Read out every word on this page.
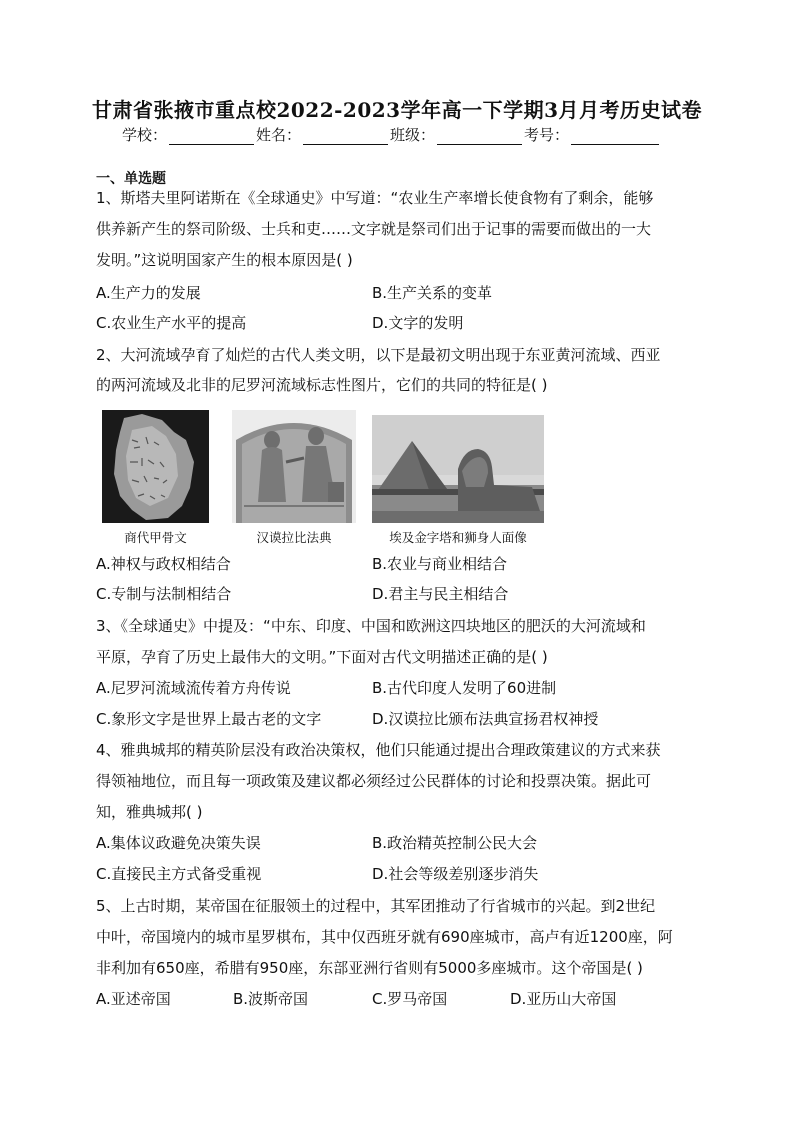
甘肃省张掖市重点校2022-2023学年高一下学期3月月考历史试卷
学校：	姓名：	班级：	考号：
一、单选题
1、斯塔夫里阿诺斯在《全球通史》中写道：“农业生产率增长使食物有了剩余，能够
供养新产生的祭司阶级、士兵和吏……文字就是祭司们出于记事的需要而做出的一大
发明。”这说明国家产生的根本原因是( )
A.生产力的发展	B.生产关系的变革
C.农业生产水平的提高	D.文字的发明
2、大河流域孕育了灿烂的古代人类文明，以下是最初文明出现于东亚黄河流域、西亚
的两河流域及北非的尼罗河流域标志性图片，它们的共同的特征是( )
商代甲骨文	汉谟拉比法典	埃及金字塔和狮身人面像
A.神权与政权相结合	B.农业与商业相结合
C.专制与法制相结合	D.君主与民主相结合
3、《全球通史》中提及：“中东、印度、中国和欧洲这四块地区的肥沃的大河流域和
平原，孕育了历史上最伟大的文明。”下面对古代文明描述正确的是( )
A.尼罗河流域流传着方舟传说	B.古代印度人发明了60进制
C.象形文字是世界上最古老的文字	D.汉谟拉比颁布法典宣扬君权神授
4、雅典城邦的精英阶层没有政治决策权，他们只能通过提出合理政策建议的方式来获
得领袖地位，而且每一项政策及建议都必须经过公民群体的讨论和投票决策。据此可
知，雅典城邦( )
A.集体议政避免决策失误	B.政治精英控制公民大会
C.直接民主方式备受重视	D.社会等级差别逐步消失
5、上古时期，某帝国在征服领土的过程中，其军团推动了行省城市的兴起。到2世纪
中叶，帝国境内的城市星罗棋布，其中仅西班牙就有690座城市，高卢有近1200座，阿
非利加有650座，希腊有950座，东部亚洲行省则有5000多座城市。这个帝国是( )
A.亚述帝国	B.波斯帝国	C.罗马帝国	D.亚历山大帝国
